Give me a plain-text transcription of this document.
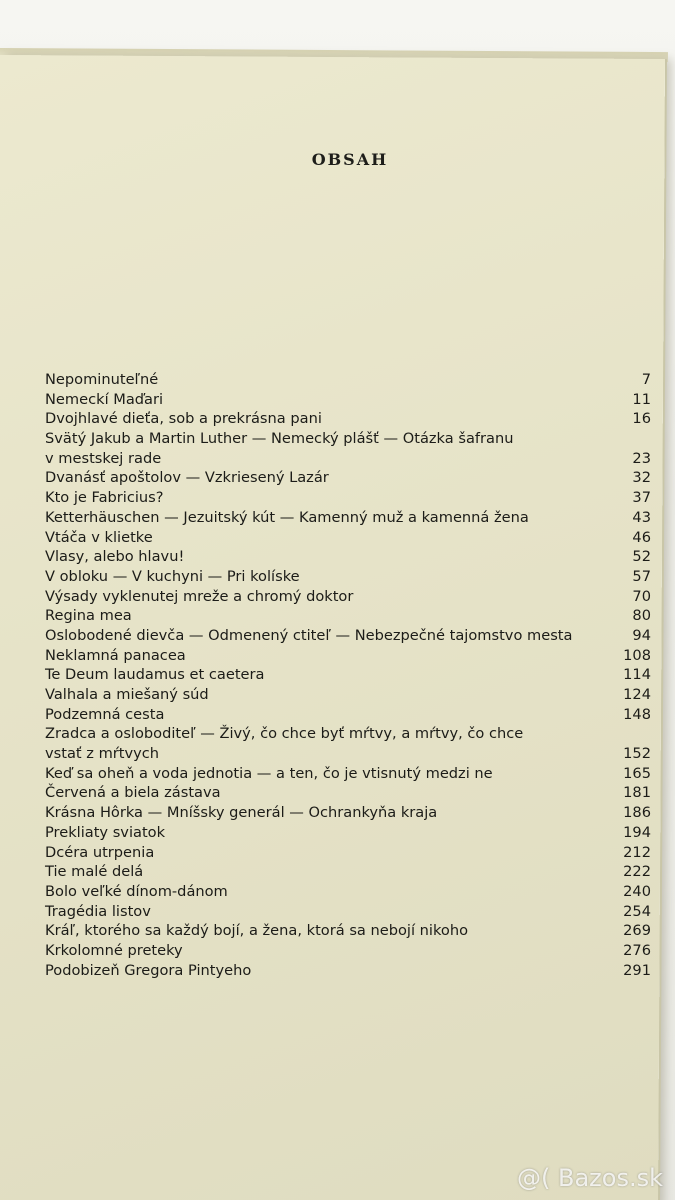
OBSAH
Nepominuteľné	7
Nemeckí Maďari	11
Dvojhlavé dieťa, sob a prekrásna pani	16
Svätý Jakub a Martin Luther — Nemecký plášť — Otázka šafranu
v mestskej rade	23
Dvanásť apoštolov — Vzkriesený Lazár	32
Kto je Fabricius?	37
Ketterhäuschen — Jezuitský kút — Kamenný muž a kamenná žena	43
Vtáča v klietke	46
Vlasy, alebo hlavu!	52
V obloku — V kuchyni — Pri kolíske	57
Výsady vyklenutej mreže a chromý doktor	70
Regina mea	80
Oslobodené dievča — Odmenený ctiteľ — Nebezpečné tajomstvo mesta	94
Neklamná panacea	108
Te Deum laudamus et caetera	114
Valhala a miešaný súd	124
Podzemná cesta	148
Zradca a osloboditeľ — Živý, čo chce byť mŕtvy, a mŕtvy, čo chce
vstať z mŕtvych	152
Keď sa oheň a voda jednotia — a ten, čo je vtisnutý medzi ne	165
Červená a biela zástava	181
Krásna Hôrka — Mníšsky generál — Ochrankyňa kraja	186
Prekliaty sviatok	194
Dcéra utrpenia	212
Tie malé delá	222
Bolo veľké dínom-dánom	240
Tragédia listov	254
Kráľ, ktorého sa každý bojí, a žena, ktorá sa nebojí nikoho	269
Krkolomné preteky	276
Podobizeň Gregora Pintyeho	291
@( Bazos.sk
